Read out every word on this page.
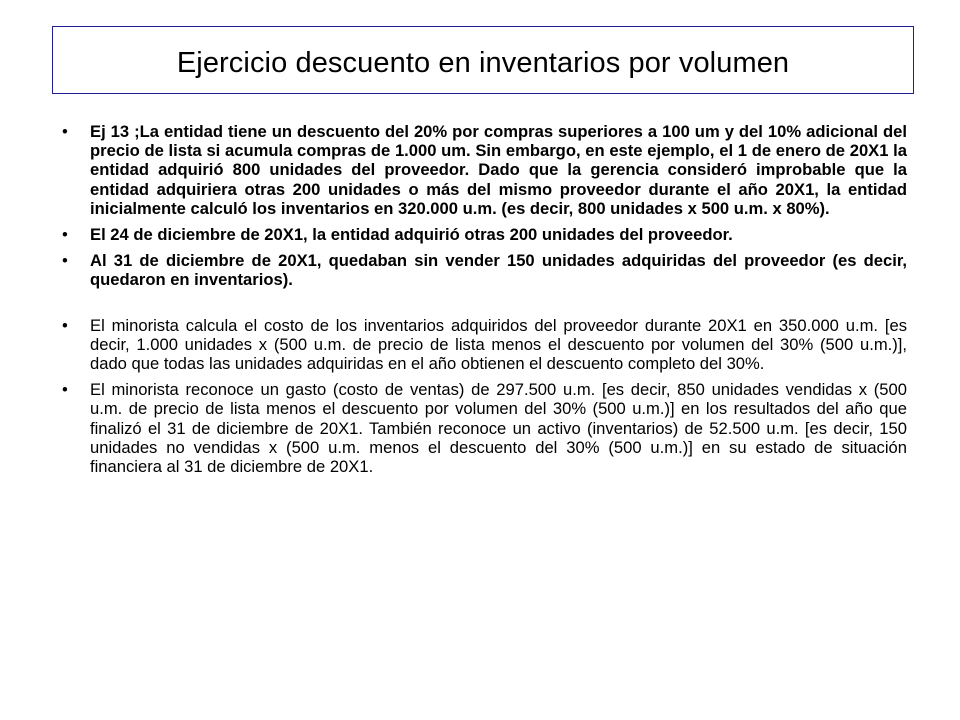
Ejercicio descuento en inventarios por volumen
•	Ej 13 ;La entidad tiene un descuento del 20% por compras superiores a 100 um y del 10% adicional del precio de lista si acumula compras de 1.000 um. Sin embargo, en este ejemplo, el 1 de enero de 20X1 la entidad adquirió 800 unidades del proveedor. Dado que la gerencia consideró improbable que la entidad adquiriera otras 200 unidades o más del mismo proveedor durante el año 20X1, la entidad inicialmente calculó los inventarios en 320.000 u.m. (es decir, 800 unidades x 500 u.m. x 80%).
•	El 24 de diciembre de 20X1, la entidad adquirió otras 200 unidades del proveedor.
•	Al 31 de diciembre de 20X1, quedaban sin vender 150 unidades adquiridas del proveedor (es decir, quedaron en inventarios).
•	El minorista calcula el costo de los inventarios adquiridos del proveedor durante 20X1 en 350.000 u.m. [es decir, 1.000 unidades x (500 u.m. de precio de lista menos el descuento por volumen del 30% (500 u.m.)], dado que todas las unidades adquiridas en el año obtienen el descuento completo del 30%.
•	El minorista reconoce un gasto (costo de ventas) de 297.500 u.m. [es decir, 850 unidades vendidas x (500 u.m. de precio de lista menos el descuento por volumen del 30% (500 u.m.)] en los resultados del año que finalizó el 31 de diciembre de 20X1. También reconoce un activo (inventarios) de 52.500 u.m. [es decir, 150 unidades no vendidas x (500 u.m. menos el descuento del 30% (500 u.m.)] en su estado de situación financiera al 31 de diciembre de 20X1.
